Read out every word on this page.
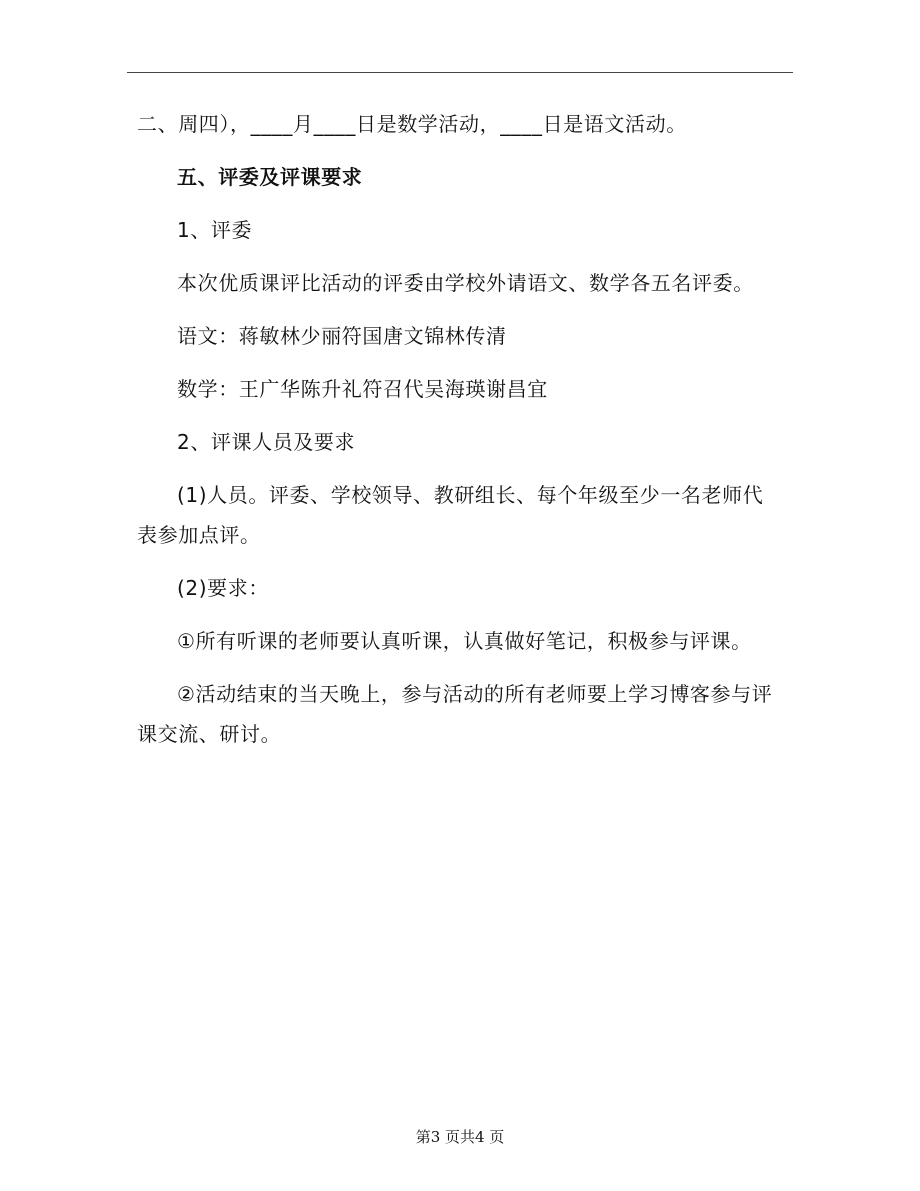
二、周四），____月____日是数学活动，____日是语文活动。
五、评委及评课要求
1、评委
本次优质课评比活动的评委由学校外请语文、数学各五名评委。
语文：蒋敏林少丽符国唐文锦林传清
数学：王广华陈升礼符召代吴海瑛谢昌宜
2、评课人员及要求
(1)人员。评委、学校领导、教研组长、每个年级至少一名老师代
表参加点评。
(2)要求：
①所有听课的老师要认真听课，认真做好笔记，积极参与评课。
②活动结束的当天晚上，参与活动的所有老师要上学习博客参与评
课交流、研讨。
第3 页共4 页
